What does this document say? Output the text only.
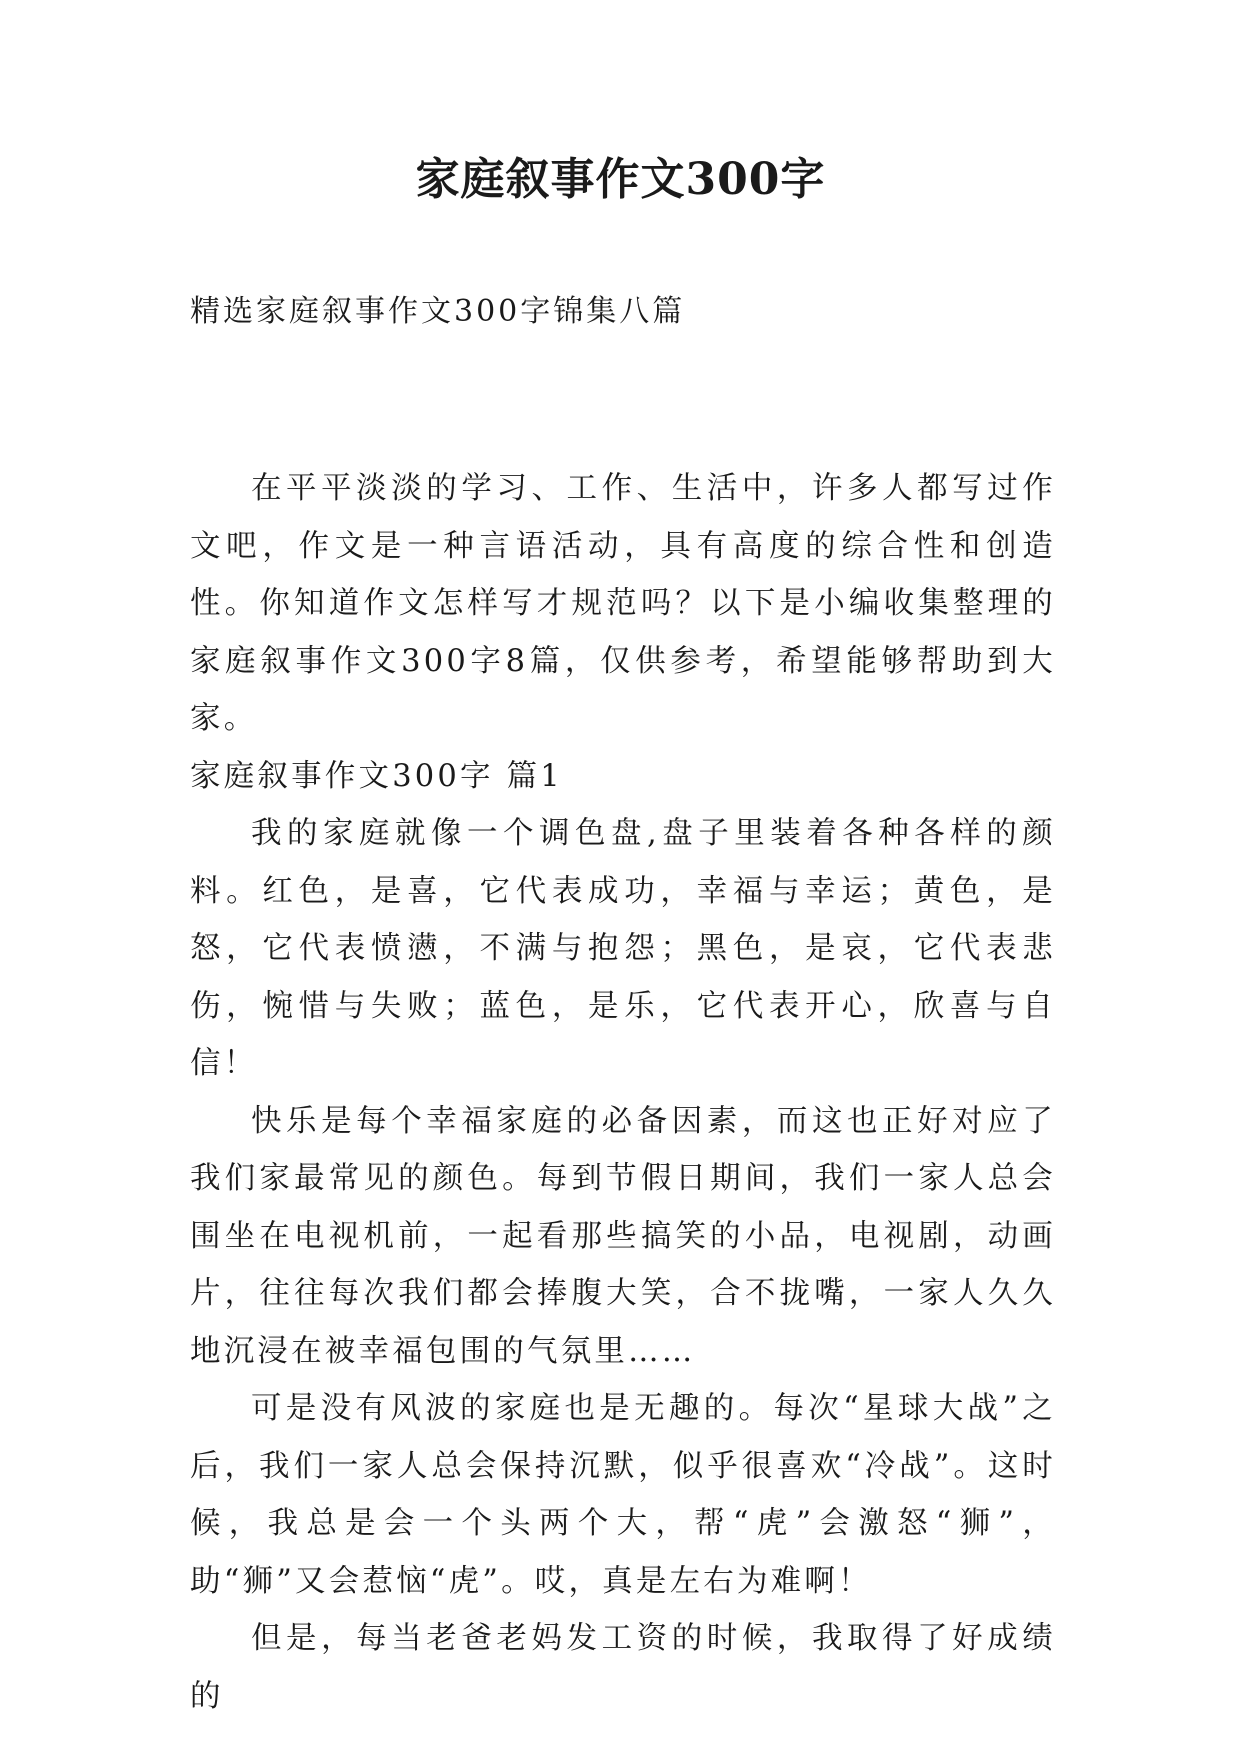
家庭叙事作文300字

精选家庭叙事作文300字锦集八篇

在平平淡淡的学习、工作、生活中，许多人都写过作文吧，作文是一种言语活动，具有高度的综合性和创造性。你知道作文怎样写才规范吗？以下是小编收集整理的家庭叙事作文300字8篇，仅供参考，希望能够帮助到大家。

家庭叙事作文300字 篇1

我的家庭就像一个调色盘,盘子里装着各种各样的颜料。红色，是喜，它代表成功，幸福与幸运；黄色，是怒，它代表愤懑，不满与抱怨；黑色，是哀，它代表悲伤，惋惜与失败；蓝色，是乐，它代表开心，欣喜与自信！

快乐是每个幸福家庭的必备因素，而这也正好对应了我们家最常见的颜色。每到节假日期间，我们一家人总会围坐在电视机前，一起看那些搞笑的小品，电视剧，动画片，往往每次我们都会捧腹大笑，合不拢嘴，一家人久久地沉浸在被幸福包围的气氛里……

可是没有风波的家庭也是无趣的。每次“星球大战”之后，我们一家人总会保持沉默，似乎很喜欢“冷战”。这时候，我总是会一个头两个大，帮“虎”会激怒“狮”，助“狮”又会惹恼“虎”。哎，真是左右为难啊！

但是，每当老爸老妈发工资的时候，我取得了好成绩的
